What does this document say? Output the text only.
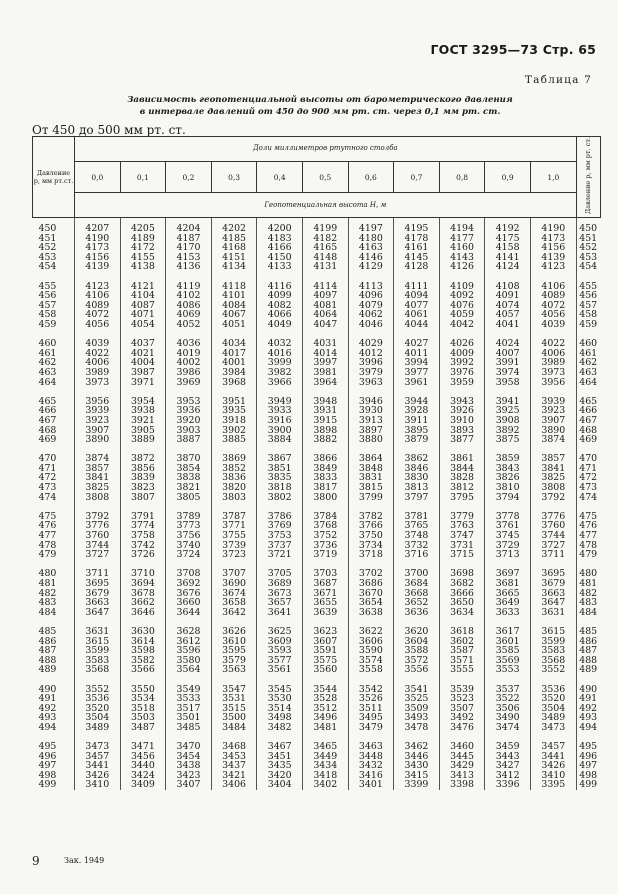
ГОСТ 3295—73 Стр. 65
Таблица 7
Зависимость геопотенциальной высоты от барометрического давления
в интервале давлений от 450 до 900 мм рт. ст. через 0,1 мм рт. ст.
От 450 до 500 мм рт. ст.
Давление p, мм рт.ст.	Доли миллиметров ртутного столба											Давление p, мм рт. ст.
	0,0	0,1	0,2	0,3	0,4	0,5	0,6	0,7	0,8	0,9	1,0	
	Геопотенциальная высота H, м											
450	4207	4205	4204	4202	4200	4199	4197	4195	4194	4192	4190	450
451	4190	4189	4187	4185	4183	4182	4180	4178	4177	4175	4173	451
452	4173	4172	4170	4168	4166	4165	4163	4161	4160	4158	4156	452
453	4156	4155	4153	4151	4150	4148	4146	4145	4143	4141	4139	453
454	4139	4138	4136	4134	4133	4131	4129	4128	4126	4124	4123	454
455	4123	4121	4119	4118	4116	4114	4113	4111	4109	4108	4106	455
456	4106	4104	4102	4101	4099	4097	4096	4094	4092	4091	4089	456
457	4089	4087	4086	4084	4082	4081	4079	4077	4076	4074	4072	457
458	4072	4071	4069	4067	4066	4064	4062	4061	4059	4057	4056	458
459	4056	4054	4052	4051	4049	4047	4046	4044	4042	4041	4039	459
460	4039	4037	4036	4034	4032	4031	4029	4027	4026	4024	4022	460
461	4022	4021	4019	4017	4016	4014	4012	4011	4009	4007	4006	461
462	4006	4004	4002	4001	3999	3997	3996	3994	3992	3991	3989	462
463	3989	3987	3986	3984	3982	3981	3979	3977	3976	3974	3973	463
464	3973	3971	3969	3968	3966	3964	3963	3961	3959	3958	3956	464
465	3956	3954	3953	3951	3949	3948	3946	3944	3943	3941	3939	465
466	3939	3938	3936	3935	3933	3931	3930	3928	3926	3925	3923	466
467	3923	3921	3920	3918	3916	3915	3913	3911	3910	3908	3907	467
468	3907	3905	3903	3902	3900	3898	3897	3895	3893	3892	3890	468
469	3890	3889	3887	3885	3884	3882	3880	3879	3877	3875	3874	469
470	3874	3872	3870	3869	3867	3866	3864	3862	3861	3859	3857	470
471	3857	3856	3854	3852	3851	3849	3848	3846	3844	3843	3841	471
472	3841	3839	3838	3836	3835	3833	3831	3830	3828	3826	3825	472
473	3825	3823	3821	3820	3818	3817	3815	3813	3812	3810	3808	473
474	3808	3807	3805	3803	3802	3800	3799	3797	3795	3794	3792	474
475	3792	3791	3789	3787	3786	3784	3782	3781	3779	3778	3776	475
476	3776	3774	3773	3771	3769	3768	3766	3765	3763	3761	3760	476
477	3760	3758	3756	3755	3753	3752	3750	3748	3747	3745	3744	477
478	3744	3742	3740	3739	3737	3736	3734	3732	3731	3729	3727	478
479	3727	3726	3724	3723	3721	3719	3718	3716	3715	3713	3711	479
480	3711	3710	3708	3707	3705	3703	3702	3700	3698	3697	3695	480
481	3695	3694	3692	3690	3689	3687	3686	3684	3682	3681	3679	481
482	3679	3678	3676	3674	3673	3671	3670	3668	3666	3665	3663	482
483	3663	3662	3660	3658	3657	3655	3654	3652	3650	3649	3647	483
484	3647	3646	3644	3642	3641	3639	3638	3636	3634	3633	3631	484
485	3631	3630	3628	3626	3625	3623	3622	3620	3618	3617	3615	485
486	3615	3614	3612	3610	3609	3607	3606	3604	3602	3601	3599	486
487	3599	3598	3596	3595	3593	3591	3590	3588	3587	3585	3583	487
488	3583	3582	3580	3579	3577	3575	3574	3572	3571	3569	3568	488
489	3568	3566	3564	3563	3561	3560	3558	3556	3555	3553	3552	489
490	3552	3550	3549	3547	3545	3544	3542	3541	3539	3537	3536	490
491	3536	3534	3533	3531	3530	3528	3526	3525	3523	3522	3520	491
492	3520	3518	3517	3515	3514	3512	3511	3509	3507	3506	3504	492
493	3504	3503	3501	3500	3498	3496	3495	3493	3492	3490	3489	493
494	3489	3487	3485	3484	3482	3481	3479	3478	3476	3474	3473	494
495	3473	3471	3470	3468	3467	3465	3463	3462	3460	3459	3457	495
496	3457	3456	3454	3453	3451	3449	3448	3446	3445	3443	3441	496
497	3441	3440	3438	3437	3435	3434	3432	3430	3429	3427	3426	497
498	3426	3424	3423	3421	3420	3418	3416	3415	3413	3412	3410	498
499	3410	3409	3407	3406	3404	3402	3401	3399	3398	3396	3395	499
9	Зак. 1949
